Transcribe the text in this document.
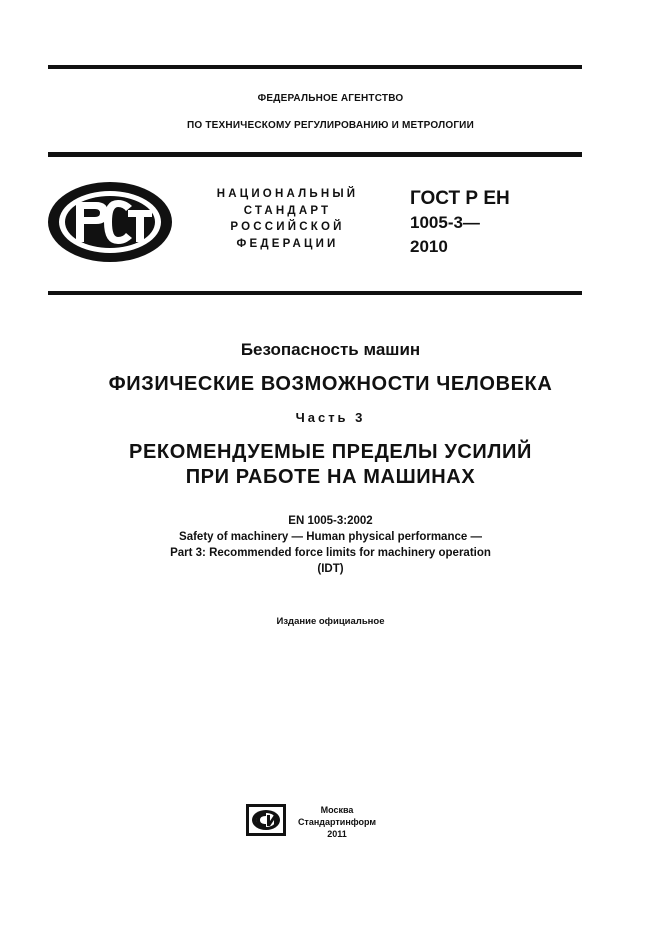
ФЕДЕРАЛЬНОЕ АГЕНТСТВО
ПО ТЕХНИЧЕСКОМУ РЕГУЛИРОВАНИЮ И МЕТРОЛОГИИ
НАЦИОНАЛЬНЫЙ
СТАНДАРТ
РОССИЙСКОЙ
ФЕДЕРАЦИИ
ГОСТ Р ЕН
1005-3—
2010
Безопасность машин
ФИЗИЧЕСКИЕ ВОЗМОЖНОСТИ ЧЕЛОВЕКА
Часть 3
РЕКОМЕНДУЕМЫЕ ПРЕДЕЛЫ УСИЛИЙ
ПРИ РАБОТЕ НА МАШИНАХ
EN 1005-3:2002
Safety of machinery — Human physical performance —
Part 3: Recommended force limits for machinery operation
(IDT)
Издание официальное
Москва
Стандартинформ
2011
